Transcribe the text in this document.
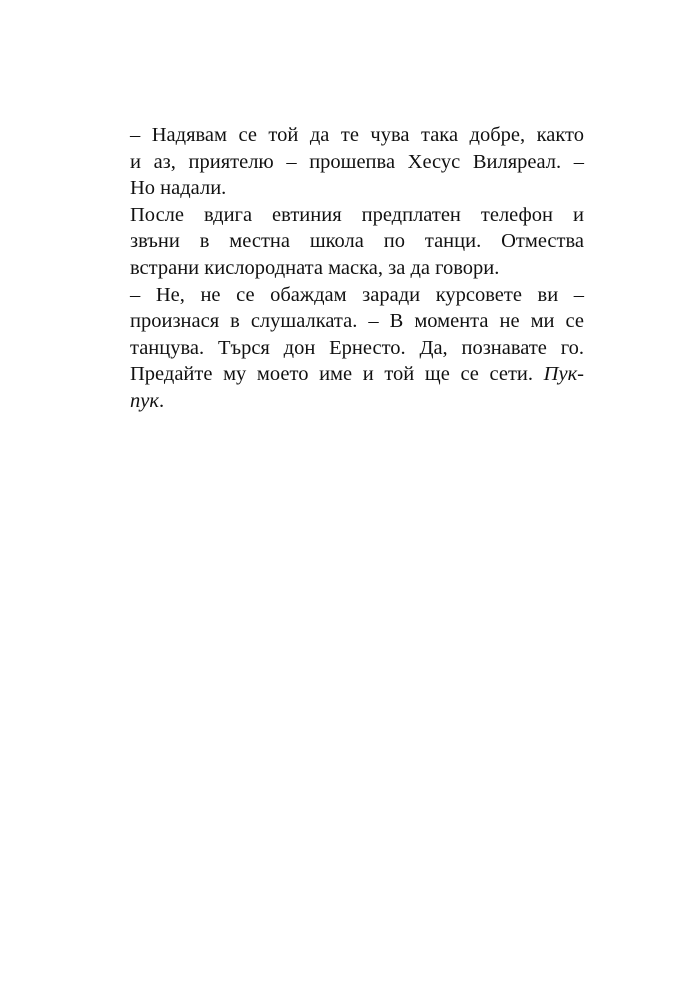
– Надявам се той да те чува така добре, както
и аз, приятелю – прошепва Хесус Вилярeал. –
Но надали.
После вдига евтиния предплатен телефон и
звъни в местна школа по танци. Отмества
встрани кислородната маска, за да говори.
– Не, не се обаждам заради курсовете ви –
произнася в слушалката. – В момента не ми се
танцува. Търся дон Ернесто. Да, познавате го.
Предайте му моето име и той ще се сети. Пук-
пук.
